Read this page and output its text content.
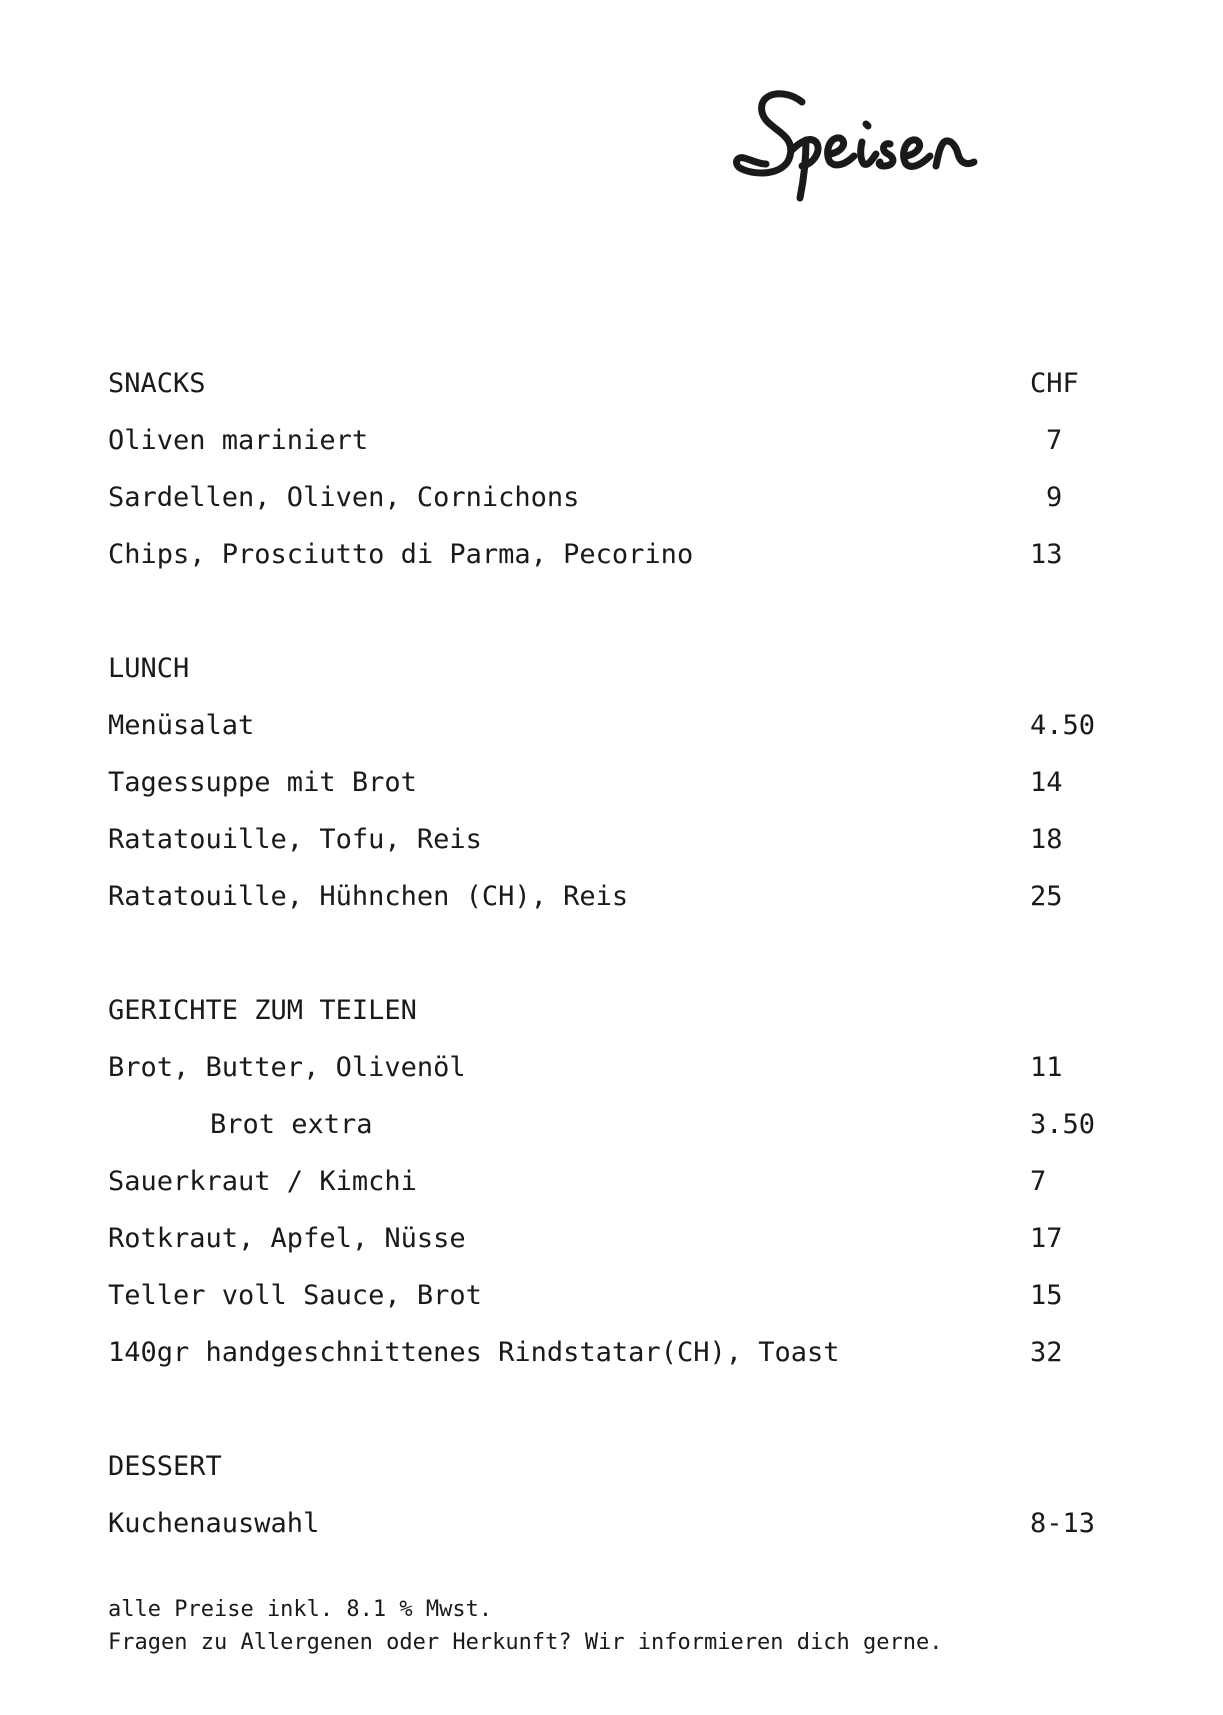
SNACKS	CHF
Oliven mariniert	7
Sardellen, Oliven, Cornichons	9
Chips, Prosciutto di Parma, Pecorino	13
LUNCH
Menüsalat	4.50
Tagessuppe mit Brot	14
Ratatouille, Tofu, Reis	18
Ratatouille, Hühnchen (CH), Reis	25
GERICHTE ZUM TEILEN
Brot, Butter, Olivenöl	11
Brot extra	3.50
Sauerkraut / Kimchi	7
Rotkraut, Apfel, Nüsse	17
Teller voll Sauce, Brot	15
140gr handgeschnittenes Rindstatar(CH), Toast	32
DESSERT
Kuchenauswahl	8-13
alle Preise inkl. 8.1 % Mwst.
Fragen zu Allergenen oder Herkunft? Wir informieren dich gerne.
